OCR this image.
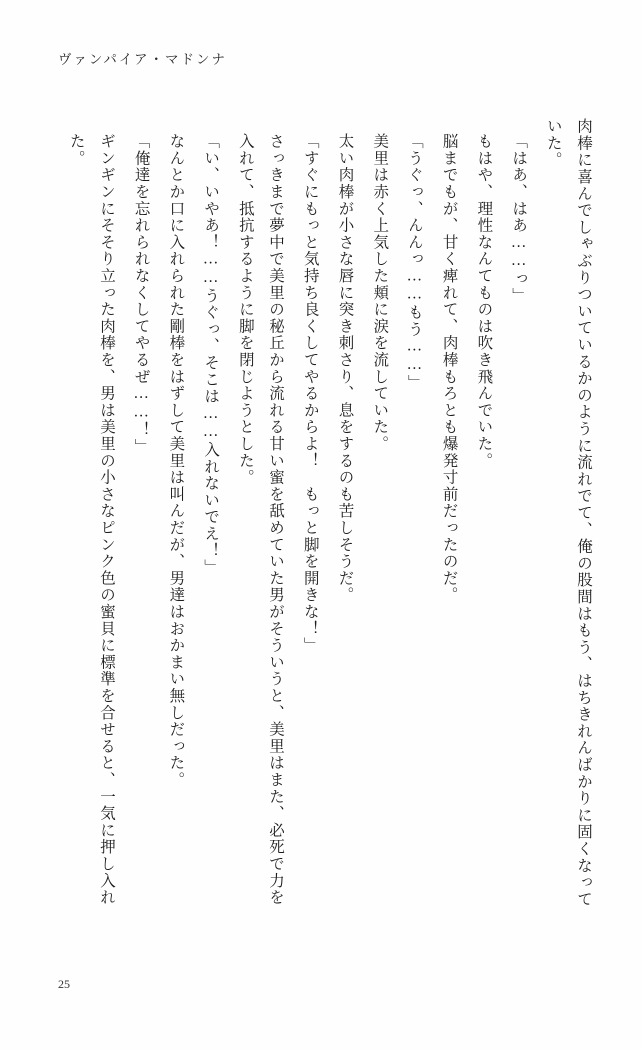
ヴァンパイア・マドンナ

肉棒に喜んでしゃぶりついているかのように流れでて、俺の股間はもう、はちきれんばかりに固くなっていた。

「はあ、はあ……っ」

もはや、理性なんてものは吹き飛んでいた。

脳までもが、甘く痺れて、肉棒もろとも爆発寸前だったのだ。

「うぐっ、んんっ……もう……」

美里は赤く上気した頬に涙を流していた。

太い肉棒が小さな唇に突き刺さり、息をするのも苦しそうだ。

「すぐにもっと気持ち良くしてやるからよ！　もっと脚を開きな！」

さっきまで夢中で美里の秘丘から流れる甘い蜜を舐めていた男がそういうと、美里はまた、必死で力を入れて、抵抗するように脚を閉じようとした。

「い、いやあ！……うぐっ、そこは……入れないでえ！」

なんとか口に入れられた剛棒をはずして美里は叫んだが、男達はおかまい無しだった。

「俺達を忘れられなくしてやるぜ……！」

ギンギンにそそり立った肉棒を、男は美里の小さなピンク色の蜜貝に標準を合せると、一気に押し入れた。

25
